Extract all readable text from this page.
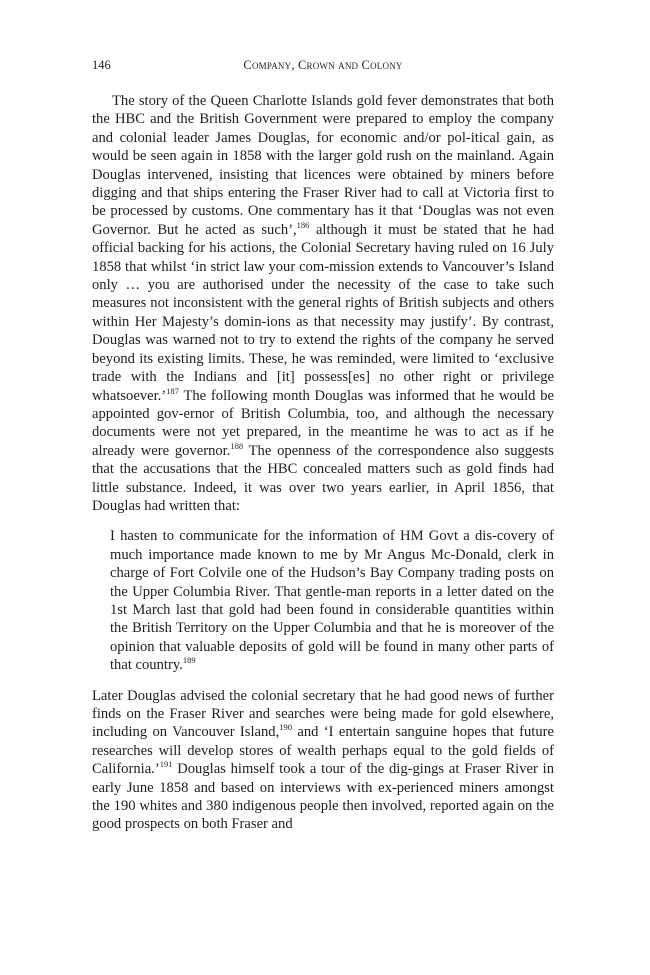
146	Company, Crown and Colony

The story of the Queen Charlotte Islands gold fever demonstrates that both the HBC and the British Government were prepared to employ the company and colonial leader James Douglas, for economic and/or pol-itical gain, as would be seen again in 1858 with the larger gold rush on the mainland. Again Douglas intervened, insisting that licences were obtained by miners before digging and that ships entering the Fraser River had to call at Victoria first to be processed by customs. One commentary has it that ‘Douglas was not even Governor. But he acted as such’,$^{186}$ although it must be stated that he had official backing for his actions, the Colonial Secretary having ruled on 16 July 1858 that whilst ‘in strict law your com-mission extends to Vancouver’s Island only … you are authorised under the necessity of the case to take such measures not inconsistent with the general rights of British subjects and others within Her Majesty’s domin-ions as that necessity may justify’. By contrast, Douglas was warned not to try to extend the rights of the company he served beyond its existing limits. These, he was reminded, were limited to ‘exclusive trade with the Indians and [it] possess[es] no other right or privilege whatsoever.’$^{187}$ The following month Douglas was informed that he would be appointed gov-ernor of British Columbia, too, and although the necessary documents were not yet prepared, in the meantime he was to act as if he already were governor.$^{188}$ The openness of the correspondence also suggests that the accusations that the HBC concealed matters such as gold finds had little substance. Indeed, it was over two years earlier, in April 1856, that Douglas had written that:

I hasten to communicate for the information of HM Govt a dis-covery of much importance made known to me by Mr Angus Mc-Donald, clerk in charge of Fort Colvile one of the Hudson’s Bay Company trading posts on the Upper Columbia River. That gentle-man reports in a letter dated on the 1st March last that gold had been found in considerable quantities within the British Territory on the Upper Columbia and that he is moreover of the opinion that valuable deposits of gold will be found in many other parts of that country.$^{189}$

Later Douglas advised the colonial secretary that he had good news of further finds on the Fraser River and searches were being made for gold elsewhere, including on Vancouver Island,$^{190}$ and ‘I entertain sanguine hopes that future researches will develop stores of wealth perhaps equal to the gold fields of California.’$^{191}$ Douglas himself took a tour of the dig-gings at Fraser River in early June 1858 and based on interviews with ex-perienced miners amongst the 190 whites and 380 indigenous people then involved, reported again on the good prospects on both Fraser and
